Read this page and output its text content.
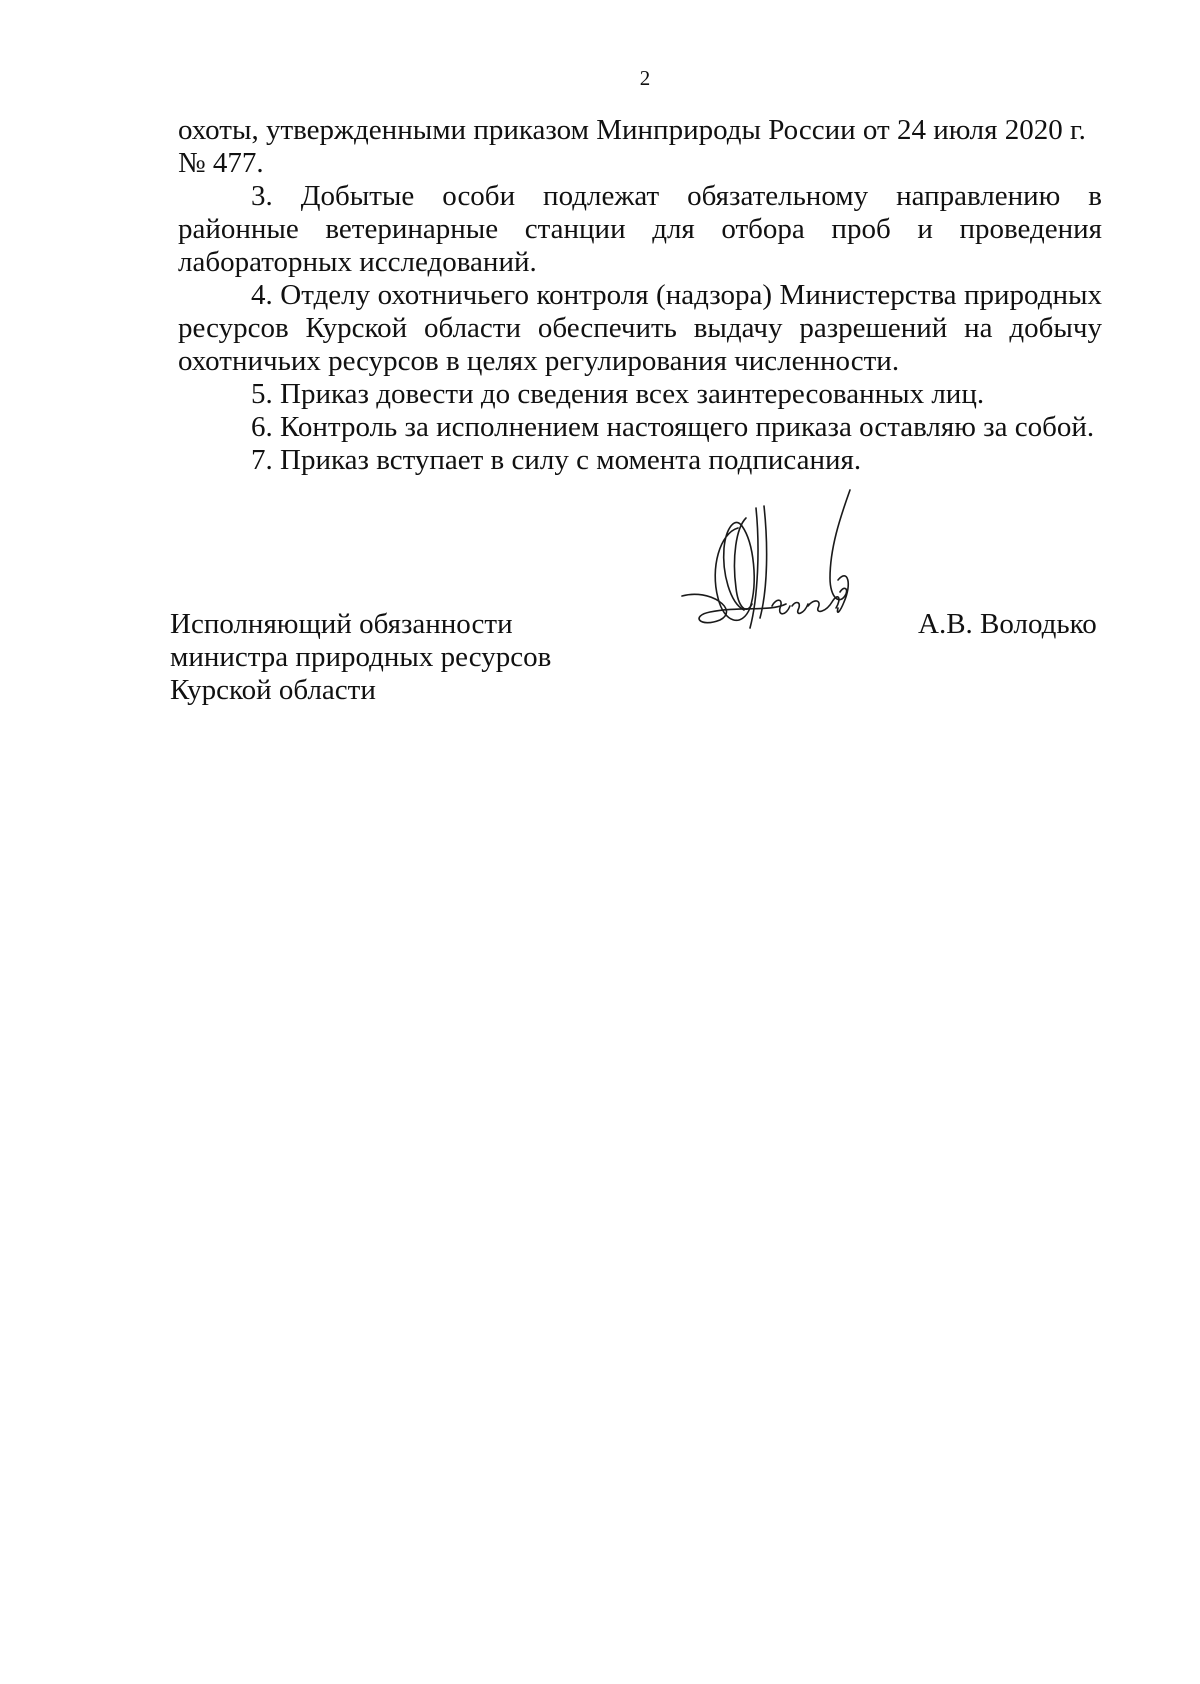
2

охоты, утвержденными приказом Минприроды России от 24 июля 2020 г.

№ 477.

3. Добытые особи подлежат обязательному направлению в районные ветеринарные станции для отбора проб и проведения лабораторных исследований.

4. Отделу охотничьего контроля (надзора) Министерства природных ресурсов Курской области обеспечить выдачу разрешений на добычу охотничьих ресурсов в целях регулирования численности.

5. Приказ довести до сведения всех заинтересованных лиц.

6. Контроль за исполнением настоящего приказа оставляю за собой.

7. Приказ вступает в силу с момента подписания.

Исполняющий обязанности
министра природных ресурсов
Курской области
А.В. Володько
